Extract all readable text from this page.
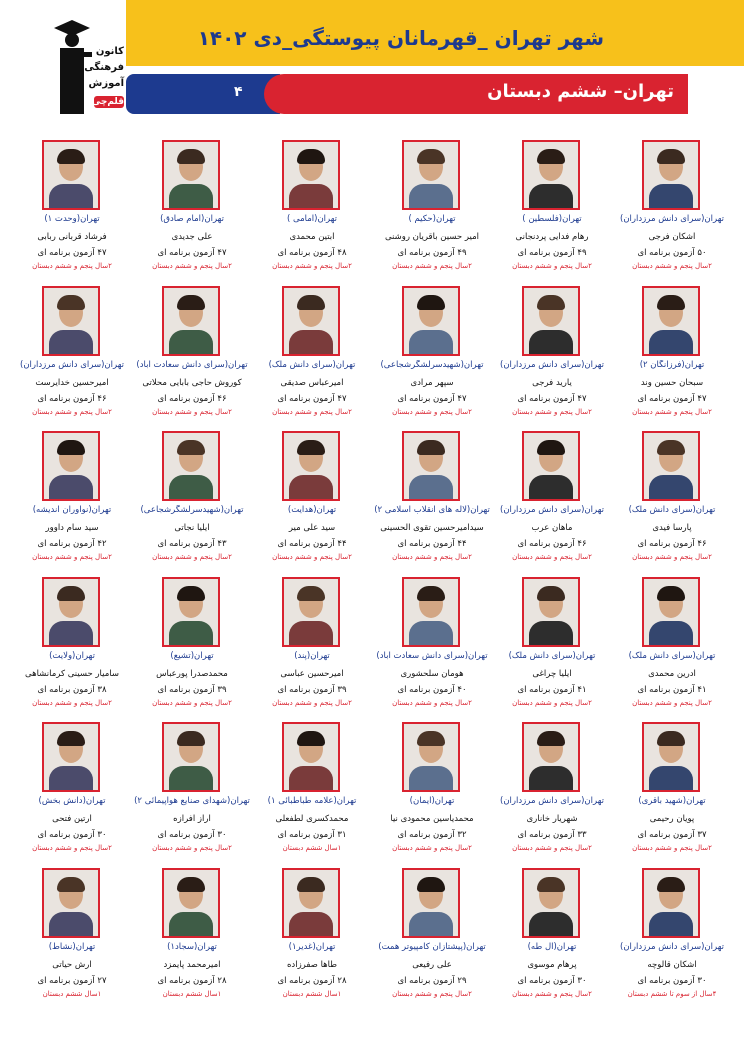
شهر تهران _قهرمانان پیوستگی_دی ۱۴۰۲
۴	تهران– ششم دبستان
کانون
فرهنگی
آموزش
قلم‌چی
تهران(سرای دانش مرزداران)
اشکان فرجی
۵۰ آزمون برنامه ای
۲سال پنجم و ششم دبستان
تهران(فلسطین )
رهام فدایی پردنجانی
۴۹ آزمون برنامه ای
۲سال پنجم و ششم دبستان
تهران(حکیم )
امیر حسین باقریان روشنی
۴۹ آزمون برنامه ای
۲سال پنجم و ششم دبستان
تهران(امامی )
آبتین محمدی
۴۸ آزمون برنامه ای
۲سال پنجم و ششم دبستان
تهران(امام صادق)
علی جدیدی
۴۷ آزمون برنامه ای
۲سال پنجم و ششم دبستان
تهران(وحدت ۱)
فرشاد قربانی ربابی
۴۷ آزمون برنامه ای
۲سال پنجم و ششم دبستان
تهران(فرزانگان ۲)
سبحان حسین وند
۴۷ آزمون برنامه ای
۲سال پنجم و ششم دبستان
تهران(سرای دانش مرزداران)
یارید فرجی
۴۷ آزمون برنامه ای
۲سال پنجم و ششم دبستان
تهران(شهیدسرلشگرشجاعی)
سپهر مرادی
۴۷ آزمون برنامه ای
۲سال پنجم و ششم دبستان
تهران(سرای دانش ملک)
امیرعباس صدیقی
۴۷ آزمون برنامه ای
۲سال پنجم و ششم دبستان
تهران(سرای دانش سعادت آباد)
کوروش حاجی بابایی محلاتی
۴۶ آزمون برنامه ای
۲سال پنجم و ششم دبستان
تهران(سرای دانش مرزداران)
امیرحسین خدایرست
۴۶ آزمون برنامه ای
۲سال پنجم و ششم دبستان
تهران(سرای دانش ملک)
پارسا فیدی
۴۶ آزمون برنامه ای
۲سال پنجم و ششم دبستان
تهران(سرای دانش مرزداران)
ماهان عرب
۴۶ آزمون برنامه ای
۲سال پنجم و ششم دبستان
تهران(لاله های انقلاب اسلامی ۲)
سیدامیرحسین تقوی الحسینی
۴۴ آزمون برنامه ای
۲سال پنجم و ششم دبستان
تهران(هدایت)
سید علی میر
۴۴ آزمون برنامه ای
۲سال پنجم و ششم دبستان
تهران(شهیدسرلشگرشجاعی)
ایلیا نجاتی
۴۳ آزمون برنامه ای
۲سال پنجم و ششم دبستان
تهران(نوآوران اندیشه)
سید سام داوور
۴۲ آزمون برنامه ای
۲سال پنجم و ششم دبستان
تهران(سرای دانش ملک)
آدرین محمدی
۴۱ آزمون برنامه ای
۲سال پنجم و ششم دبستان
تهران(سرای دانش ملک)
ایلیا چراغی
۴۱ آزمون برنامه ای
۲سال پنجم و ششم دبستان
تهران(سرای دانش سعادت آباد)
هومان سلحشوری
۴۰ آزمون برنامه ای
۲سال پنجم و ششم دبستان
تهران(پند)
امیرحسین عباسی
۳۹ آزمون برنامه ای
۲سال پنجم و ششم دبستان
تهران(تشیع)
محمدصدرا پورعباس
۳۹ آزمون برنامه ای
۲سال پنجم و ششم دبستان
تهران(ولایت)
سامیار حسینی کرمانشاهی
۳۸ آزمون برنامه ای
۲سال پنجم و ششم دبستان
تهران(شهید باقری)
پویان رحیمی
۳۷ آزمون برنامه ای
۲سال پنجم و ششم دبستان
تهران(سرای دانش مرزداران)
شهریار خاناری
۳۳ آزمون برنامه ای
۲سال پنجم و ششم دبستان
تهران(ایمان)
محمدیاسین محمودی نیا
۳۲ آزمون برنامه ای
۲سال پنجم و ششم دبستان
تهران(علامه طباطبائی ۱)
محمدکسری لطفعلی
۳۱ آزمون برنامه ای
۱سال ششم دبستان
تهران(شهدای صنایع هواپیمائی ۲)
آراز افرازه
۳۰ آزمون برنامه ای
۲سال پنجم و ششم دبستان
تهران(دانش بخش)
آرتین فتحی
۳۰ آزمون برنامه ای
۲سال پنجم و ششم دبستان
تهران(سرای دانش مرزداران)
اشکان قالوچه
۳۰ آزمون برنامه ای
۴سال از سوم تا ششم دبستان
تهران(آل طه)
پرهام موسوی
۳۰ آزمون برنامه ای
۲سال پنجم و ششم دبستان
تهران(پیشتازان کامپیوتر همت)
علی رفیعی
۲۹ آزمون برنامه ای
۲سال پنجم و ششم دبستان
تهران(غدیر۱)
طاها صفرزاده
۲۸ آزمون برنامه ای
۱سال ششم دبستان
تهران(سجاد۱)
امیرمحمد پایمزد
۲۸ آزمون برنامه ای
۱سال ششم دبستان
تهران(نشاط)
آرش حیاتی
۲۷ آزمون برنامه ای
۱سال ششم دبستان
